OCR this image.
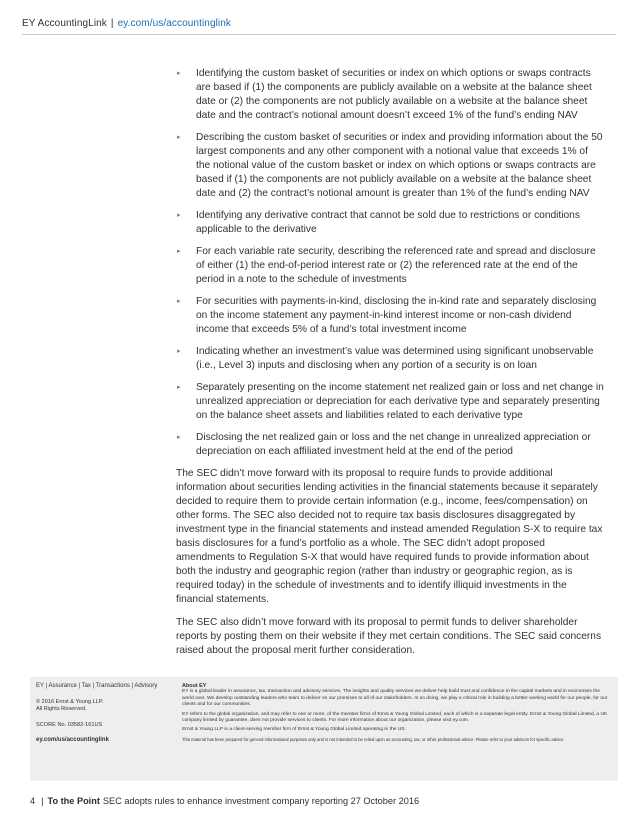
EY AccountingLink | ey.com/us/accountinglink
▸ Identifying the custom basket of securities or index on which options or swaps contracts are based if (1) the components are publicly available on a website at the balance sheet date or (2) the components are not publicly available on a website at the balance sheet date and the contract’s notional amount doesn’t exceed 1% of the fund’s ending NAV
▸ Describing the custom basket of securities or index and providing information about the 50 largest components and any other component with a notional value that exceeds 1% of the notional value of the custom basket or index on which options or swaps contracts are based if (1) the components are not publicly available on a website at the balance sheet date and (2) the contract’s notional amount is greater than 1% of the fund’s ending NAV
▸ Identifying any derivative contract that cannot be sold due to restrictions or conditions applicable to the derivative
▸ For each variable rate security, describing the referenced rate and spread and disclosure of either (1) the end-of-period interest rate or (2) the referenced rate at the end of the period in a note to the schedule of investments
▸ For securities with payments-in-kind, disclosing the in-kind rate and separately disclosing on the income statement any payment-in-kind interest income or non-cash dividend income that exceeds 5% of a fund’s total investment income
▸ Indicating whether an investment’s value was determined using significant unobservable (i.e., Level 3) inputs and disclosing when any portion of a security is on loan
▸ Separately presenting on the income statement net realized gain or loss and net change in unrealized appreciation or depreciation for each derivative type and separately presenting on the balance sheet assets and liabilities related to each derivative type
▸ Disclosing the net realized gain or loss and the net change in unrealized appreciation or depreciation on each affiliated investment held at the end of the period

The SEC didn’t move forward with its proposal to require funds to provide additional information about securities lending activities in the financial statements because it separately decided to require them to provide certain information (e.g., income, fees/compensation) on other forms. The SEC also decided not to require tax basis disclosures disaggregated by investment type in the financial statements and instead amended Regulation S-X to require tax basis disclosures for a fund’s portfolio as a whole. The SEC didn’t adopt proposed amendments to Regulation S-X that would have required funds to provide information about both the industry and geographic region (rather than industry or geographic region, as is required today) in the schedule of investments and to identify illiquid investments in the financial statements.

The SEC also didn’t move forward with its proposal to permit funds to deliver shareholder reports by posting them on their website if they met certain conditions. The SEC said concerns raised about the proposal merit further consideration.

EY | Assurance | Tax | Transactions | Advisory
© 2016 Ernst & Young LLP.
All Rights Reserved.
SCORE No. 03582-161US
ey.com/us/accountinglink
About EY

EY is a global leader in assurance, tax, transaction and advisory services. The insights and quality services we deliver help build trust and confidence in the capital markets and in economies the world over. We develop outstanding leaders who team to deliver on our promises to all of our stakeholders. In so doing, we play a critical role in building a better working world for our people, for our clients and for our communities.

EY refers to the global organization, and may refer to one or more, of the member firms of Ernst & Young Global Limited, each of which is a separate legal entity. Ernst & Young Global Limited, a UK company limited by guarantee, does not provide services to clients. For more information about our organization, please visit ey.com.

Ernst & Young LLP is a client-serving member firm of Ernst & Young Global Limited operating in the US.

This material has been prepared for general informational purposes only and is not intended to be relied upon as accounting, tax, or other professional advice. Please refer to your advisors for specific advice.

4 | To the Point SEC adopts rules to enhance investment company reporting 27 October 2016
